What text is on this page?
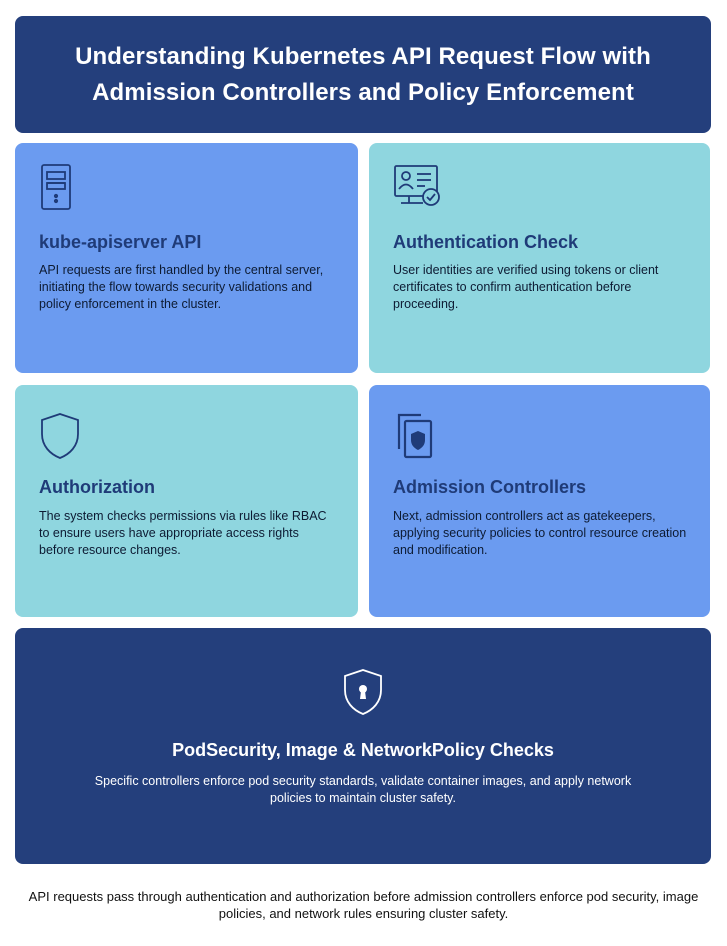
Understanding Kubernetes API Request Flow with
Admission Controllers and Policy Enforcement
kube-apiserver API
API requests are first handled by the central server, initiating the flow towards security validations and policy enforcement in the cluster.
Authentication Check
User identities are verified using tokens or client certificates to confirm authentication before proceeding.
Authorization
The system checks permissions via rules like RBAC to ensure users have appropriate access rights before resource changes.
Admission Controllers
Next, admission controllers act as gatekeepers, applying security policies to control resource creation and modification.
PodSecurity, Image & NetworkPolicy Checks
Specific controllers enforce pod security standards, validate container images, and apply network policies to maintain cluster safety.
API requests pass through authentication and authorization before admission controllers enforce pod security, image policies, and network rules ensuring cluster safety.
